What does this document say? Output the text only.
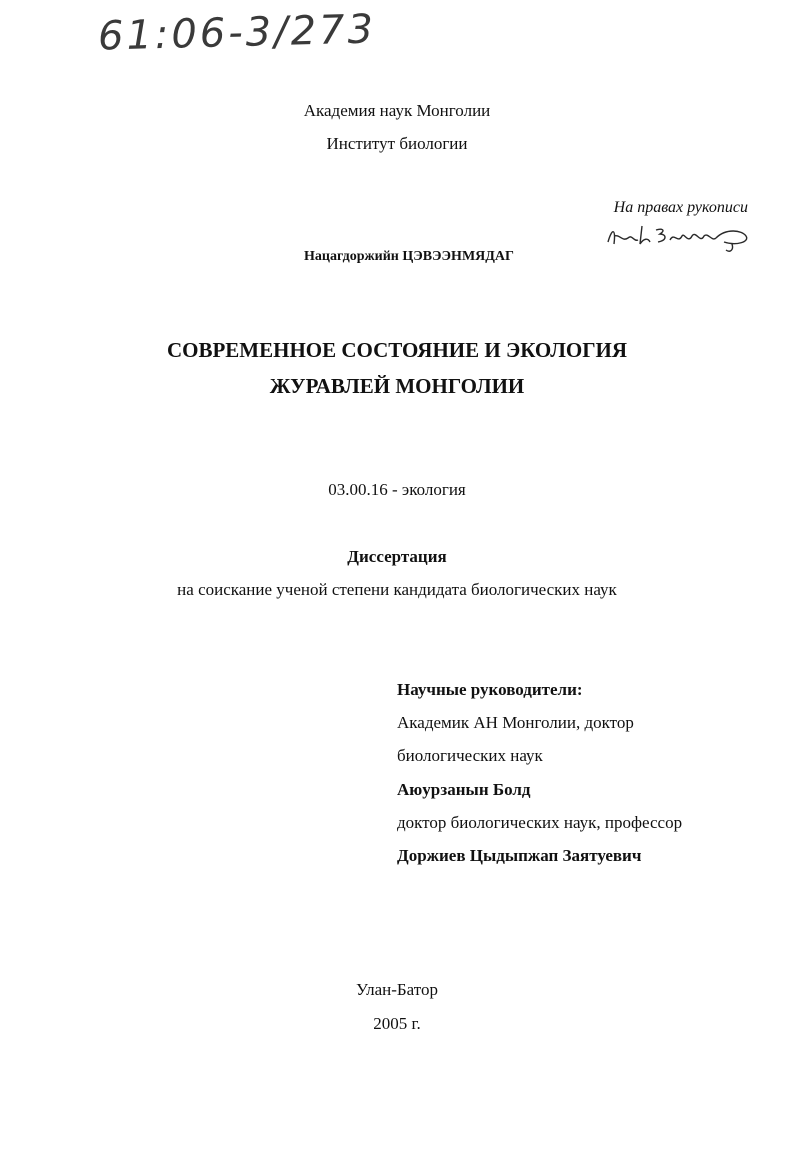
61:06-3/273
Академия наук Монголии
Институт биологии
На правах рукописи
Нацагдоржийн ЦЭВЭЭНМЯДАГ
СОВРЕМЕННОЕ СОСТОЯНИЕ И ЭКОЛОГИЯ
ЖУРАВЛЕЙ МОНГОЛИИ
03.00.16 - экология
Диссертация
на соискание ученой степени кандидата биологических наук
Научные руководители:
Академик АН Монголии, доктор
биологических наук
Аюурзанын Болд
доктор биологических наук, профессор
Доржиев Цыдыпжап Заятуевич
Улан-Батор
2005 г.
